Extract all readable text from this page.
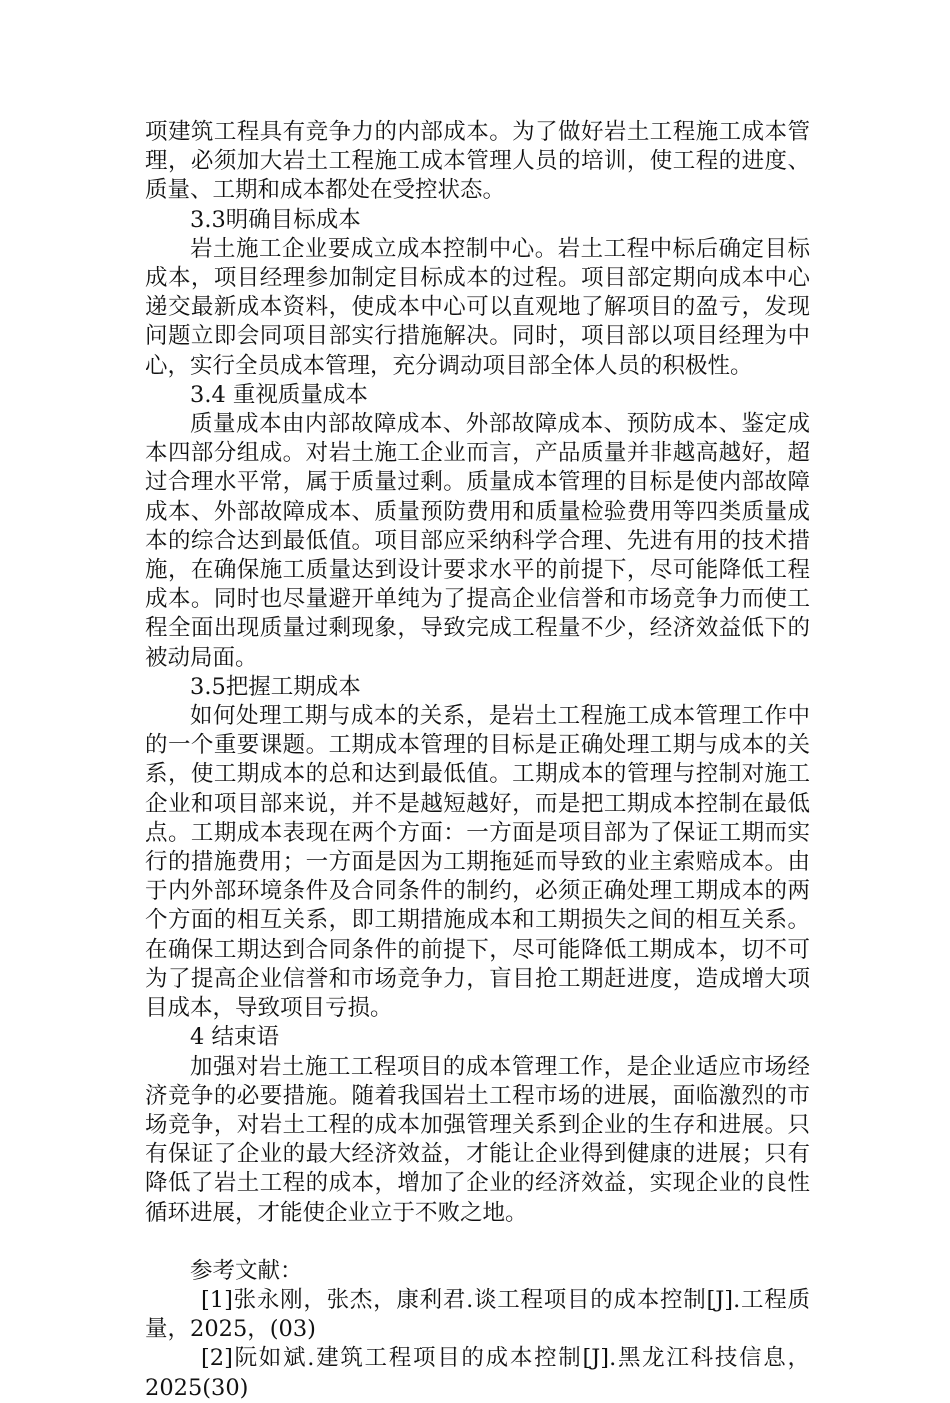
项建筑工程具有竞争力的内部成本。为了做好岩土工程施工成本管理，必须加大岩土工程施工成本管理人员的培训，使工程的进度、质量、工期和成本都处在受控状态。

3.3明确目标成本

岩土施工企业要成立成本控制中心。岩土工程中标后确定目标成本，项目经理参加制定目标成本的过程。项目部定期向成本中心递交最新成本资料，使成本中心可以直观地了解项目的盈亏，发现问题立即会同项目部实行措施解决。同时，项目部以项目经理为中心，实行全员成本管理，充分调动项目部全体人员的积极性。

3.4 重视质量成本

质量成本由内部故障成本、外部故障成本、预防成本、鉴定成本四部分组成。对岩土施工企业而言，产品质量并非越高越好，超过合理水平常，属于质量过剩。质量成本管理的目标是使内部故障成本、外部故障成本、质量预防费用和质量检验费用等四类质量成本的综合达到最低值。项目部应采纳科学合理、先进有用的技术措施，在确保施工质量达到设计要求水平的前提下，尽可能降低工程成本。同时也尽量避开单纯为了提高企业信誉和市场竞争力而使工程全面出现质量过剩现象，导致完成工程量不少，经济效益低下的被动局面。

3.5把握工期成本

如何处理工期与成本的关系，是岩土工程施工成本管理工作中的一个重要课题。工期成本管理的目标是正确处理工期与成本的关系，使工期成本的总和达到最低值。工期成本的管理与控制对施工企业和项目部来说，并不是越短越好，而是把工期成本控制在最低点。工期成本表现在两个方面：一方面是项目部为了保证工期而实行的措施费用；一方面是因为工期拖延而导致的业主索赔成本。由于内外部环境条件及合同条件的制约，必须正确处理工期成本的两个方面的相互关系，即工期措施成本和工期损失之间的相互关系。在确保工期达到合同条件的前提下，尽可能降低工期成本，切不可为了提高企业信誉和市场竞争力，盲目抢工期赶进度，造成增大项目成本，导致项目亏损。

4 结束语

加强对岩土施工工程项目的成本管理工作，是企业适应市场经济竞争的必要措施。随着我国岩土工程市场的进展，面临激烈的市场竞争，对岩土工程的成本加强管理关系到企业的生存和进展。只有保证了企业的最大经济效益，才能让企业得到健康的进展；只有降低了岩土工程的成本，增加了企业的经济效益，实现企业的良性循环进展，才能使企业立于不败之地。

参考文献：

[1]张永刚，张杰，康利君.谈工程项目的成本控制[J].工程质量，2025，(03)

[2]阮如斌.建筑工程项目的成本控制[J].黑龙江科技信息，2025(30)
